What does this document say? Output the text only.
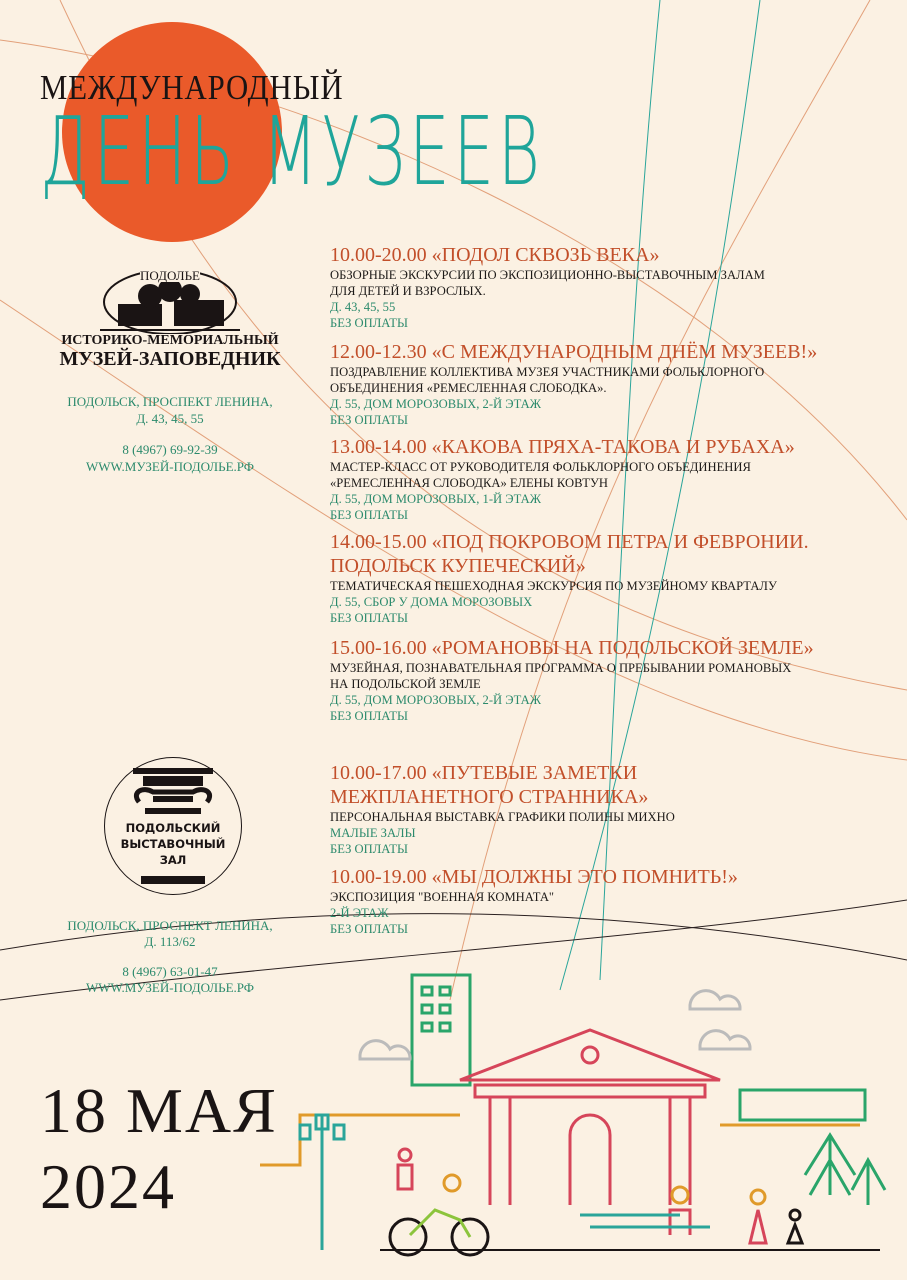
МЕЖДУНАРОДНЫЙ
ДЕНЬ МУЗЕЕВ
ПОДОЛЬЕ
ИСТОРИКО-МЕМОРИАЛЬНЫЙ
МУЗЕЙ-ЗАПОВЕДНИК
ПОДОЛЬСК, ПРОСПЕКТ ЛЕНИНА,
Д. 43, 45, 55
8 (4967) 69-92-39
WWW.МУЗЕЙ-ПОДОЛЬЕ.РФ
ПОДОЛЬСКИЙ
ВЫСТАВОЧНЫЙ
ЗАЛ
ПОДОЛЬСК, ПРОСПЕКТ ЛЕНИНА,
Д. 113/62
8 (4967) 63-01-47
WWW.МУЗЕЙ-ПОДОЛЬЕ.РФ
10.00-20.00 «ПОДОЛ СКВОЗЬ ВЕКА»
ОБЗОРНЫЕ ЭКСКУРСИИ ПО ЭКСПОЗИЦИОННО-ВЫСТАВОЧНЫМ ЗАЛАМ
ДЛЯ ДЕТЕЙ И ВЗРОСЛЫХ.
Д. 43, 45, 55
БЕЗ ОПЛАТЫ
12.00-12.30 «С МЕЖДУНАРОДНЫМ ДНЁМ МУЗЕЕВ!»
ПОЗДРАВЛЕНИЕ КОЛЛЕКТИВА МУЗЕЯ УЧАСТНИКАМИ ФОЛЬКЛОРНОГО
ОБЪЕДИНЕНИЯ «РЕМЕСЛЕННАЯ СЛОБОДКА».
Д. 55, ДОМ МОРОЗОВЫХ, 2-Й ЭТАЖ
БЕЗ ОПЛАТЫ
13.00-14.00 «КАКОВА ПРЯХА-ТАКОВА И РУБАХА»
МАСТЕР-КЛАСС ОТ РУКОВОДИТЕЛЯ ФОЛЬКЛОРНОГО ОБЪЕДИНЕНИЯ
«РЕМЕСЛЕННАЯ СЛОБОДКА» ЕЛЕНЫ КОВТУН
Д. 55, ДОМ МОРОЗОВЫХ, 1-Й ЭТАЖ
БЕЗ ОПЛАТЫ
14.00-15.00 «ПОД ПОКРОВОМ ПЕТРА И ФЕВРОНИИ.
ПОДОЛЬСК КУПЕЧЕСКИЙ»
ТЕМАТИЧЕСКАЯ ПЕШЕХОДНАЯ ЭКСКУРСИЯ ПО МУЗЕЙНОМУ КВАРТАЛУ
Д. 55, СБОР У ДОМА МОРОЗОВЫХ
БЕЗ ОПЛАТЫ
15.00-16.00 «РОМАНОВЫ НА ПОДОЛЬСКОЙ ЗЕМЛЕ»
МУЗЕЙНАЯ, ПОЗНАВАТЕЛЬНАЯ ПРОГРАММА О ПРЕБЫВАНИИ РОМАНОВЫХ
НА ПОДОЛЬСКОЙ ЗЕМЛЕ
Д. 55, ДОМ МОРОЗОВЫХ, 2-Й ЭТАЖ
БЕЗ ОПЛАТЫ
10.00-17.00 «ПУТЕВЫЕ ЗАМЕТКИ
МЕЖПЛАНЕТНОГО СТРАННИКА»
ПЕРСОНАЛЬНАЯ ВЫСТАВКА ГРАФИКИ ПОЛИНЫ МИХНО
МАЛЫЕ ЗАЛЫ
БЕЗ ОПЛАТЫ
10.00-19.00 «МЫ ДОЛЖНЫ ЭТО ПОМНИТЬ!»
ЭКСПОЗИЦИЯ "ВОЕННАЯ КОМНАТА"
2-Й ЭТАЖ
БЕЗ ОПЛАТЫ
18 МАЯ
2024
